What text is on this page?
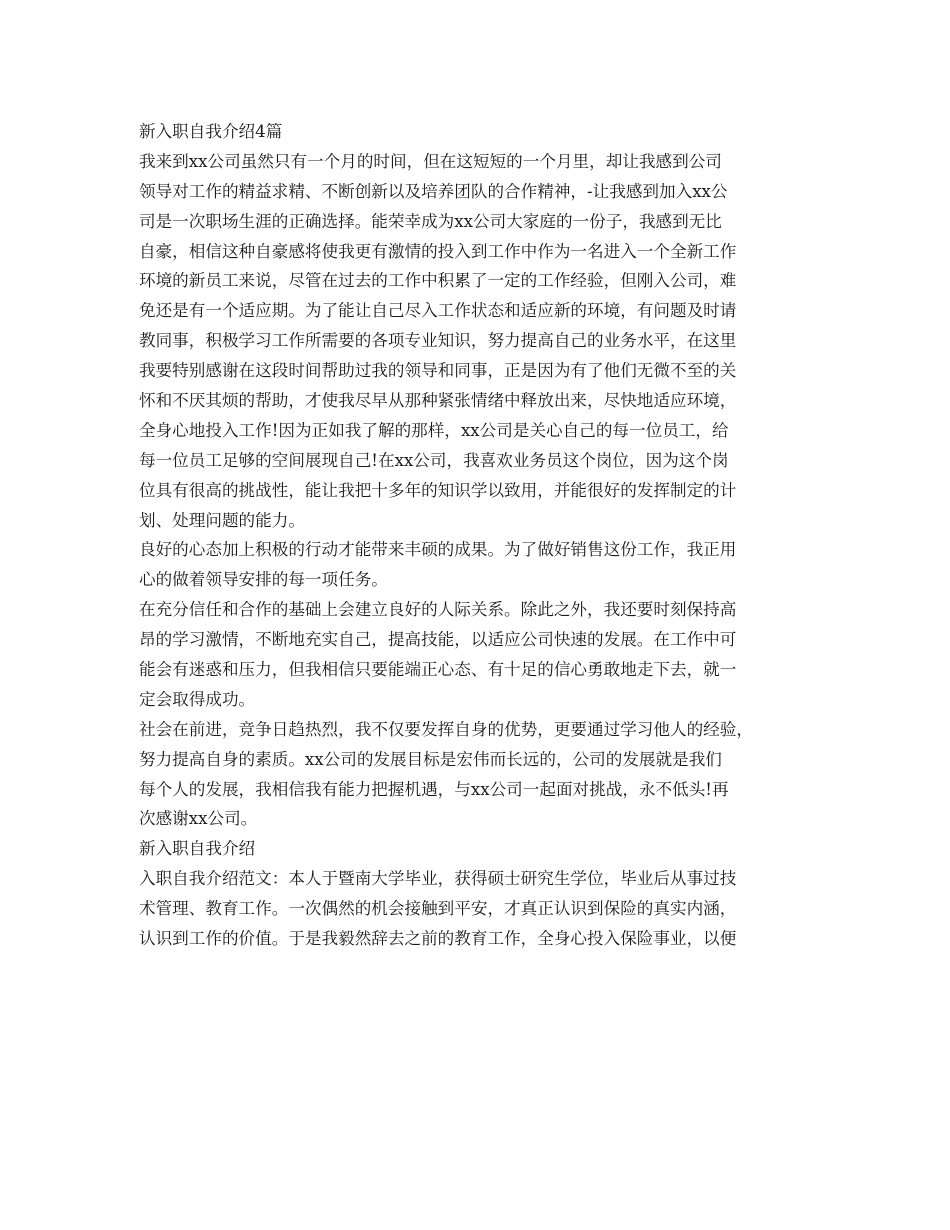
新入职自我介绍4篇
我来到xx公司虽然只有一个月的时间，但在这短短的一个月里，却让我感到公司
领导对工作的精益求精、不断创新以及培养团队的合作精神，-让我感到加入xx公
司是一次职场生涯的正确选择。能荣幸成为xx公司大家庭的一份子，我感到无比
自豪，相信这种自豪感将使我更有激情的投入到工作中作为一名进入一个全新工作
环境的新员工来说，尽管在过去的工作中积累了一定的工作经验，但刚入公司，难
免还是有一个适应期。为了能让自己尽入工作状态和适应新的环境，有问题及时请
教同事，积极学习工作所需要的各项专业知识，努力提高自己的业务水平，在这里
我要特别感谢在这段时间帮助过我的领导和同事，正是因为有了他们无微不至的关
怀和不厌其烦的帮助，才使我尽早从那种紧张情绪中释放出来，尽快地适应环境，
全身心地投入工作!因为正如我了解的那样，xx公司是关心自己的每一位员工，给
每一位员工足够的空间展现自己!在xx公司，我喜欢业务员这个岗位，因为这个岗
位具有很高的挑战性，能让我把十多年的知识学以致用，并能很好的发挥制定的计
划、处理问题的能力。
良好的心态加上积极的行动才能带来丰硕的成果。为了做好销售这份工作，我正用
心的做着领导安排的每一项任务。
在充分信任和合作的基础上会建立良好的人际关系。除此之外，我还要时刻保持高
昂的学习激情，不断地充实自己，提高技能，以适应公司快速的发展。在工作中可
能会有迷惑和压力，但我相信只要能端正心态、有十足的信心勇敢地走下去，就一
定会取得成功。
社会在前进，竞争日趋热烈，我不仅要发挥自身的优势，更要通过学习他人的经验，
努力提高自身的素质。xx公司的发展目标是宏伟而长远的，公司的发展就是我们
每个人的发展，我相信我有能力把握机遇，与xx公司一起面对挑战，永不低头!再
次感谢xx公司。
新入职自我介绍
入职自我介绍范文：本人于暨南大学毕业，获得硕士研究生学位，毕业后从事过技
术管理、教育工作。一次偶然的机会接触到平安，才真正认识到保险的真实内涵，
认识到工作的价值。于是我毅然辞去之前的教育工作，全身心投入保险事业，以便
